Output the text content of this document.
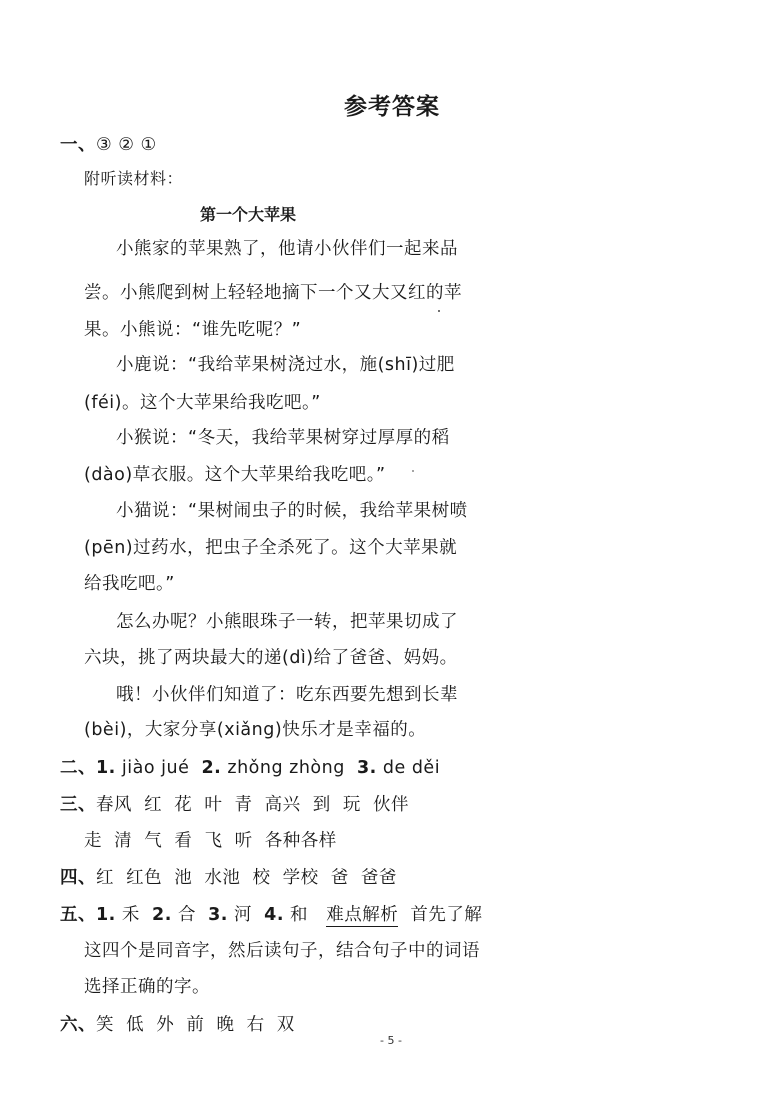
参考答案
一、③ ② ①
附听读材料：
第一个大苹果
小熊家的苹果熟了，他请小伙伴们一起来品
尝。小熊爬到树上轻轻地摘下一个又大又红的苹
果。小熊说：“谁先吃呢？”
小鹿说：“我给苹果树浇过水，施(shī)过肥
(féi)。这个大苹果给我吃吧。”
小猴说：“冬天，我给苹果树穿过厚厚的稻
(dào)草衣服。这个大苹果给我吃吧。”
小猫说：“果树闹虫子的时候，我给苹果树喷
(pēn)过药水，把虫子全杀死了。这个大苹果就
给我吃吧。”
怎么办呢？小熊眼珠子一转，把苹果切成了
六块，挑了两块最大的递(dì)给了爸爸、妈妈。
哦！小伙伴们知道了：吃东西要先想到长辈
(bèi)，大家分享(xiǎng)快乐才是幸福的。
二、1. jiào jué 2. zhǒng zhòng 3. de děi
三、春风  红  花  叶  青  高兴  到  玩  伙伴
走  清  气  看  飞  听  各种各样
四、红  红色  池  水池  校  学校  爸  爸爸
五、1. 禾 2. 合 3. 河 4. 和 难点解析 首先了解
这四个是同音字，然后读句子，结合句子中的词语
选择正确的字。
六、笑  低  外  前  晚  右  双
- 5 -
